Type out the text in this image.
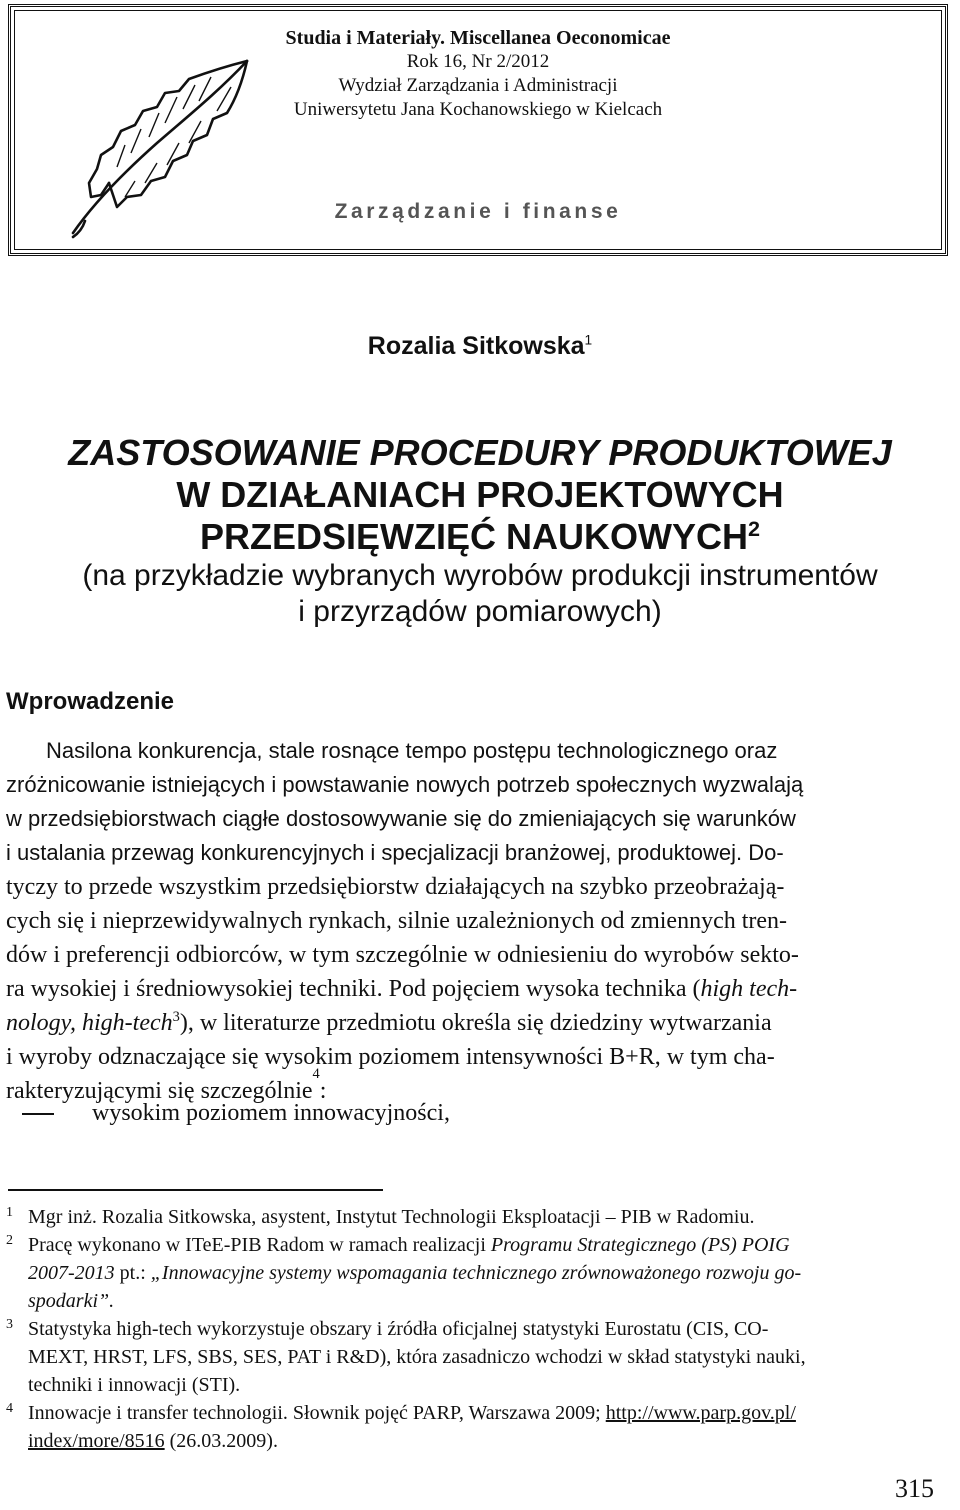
Studia i Materiały. Miscellanea Oeconomicae
Rok 16, Nr 2/2012
Wydział Zarządzania i Administracji
Uniwersytetu Jana Kochanowskiego w Kielcach
Zarządzanie i finanse
Rozalia Sitkowska$^1$
ZASTOSOWANIE PROCEDURY PRODUKTOWEJ
W DZIAŁANIACH PROJEKTOWYCH
PRZEDSIĘWZIĘĆ NAUKOWYCH$^2$
(na przykładzie wybranych wyrobów produkcji instrumentów
i przyrządów pomiarowych)
Wprowadzenie
Nasilona konkurencja, stale rosnące tempo postępu technologicznego oraz
zróżnicowanie istniejących i powstawanie nowych potrzeb społecznych wyzwalają
w przedsiębiorstwach ciągłe dostosowywanie się do zmieniających się warunków
i ustalania przewag konkurencyjnych i specjalizacji branżowej, produktowej. Do-
tyczy to przede wszystkim przedsiębiorstw działających na szybko przeobrażają-
cych się i nieprzewidywalnych rynkach, silnie uzależnionych od zmiennych tren-
dów i preferencji odbiorców, w tym szczególnie w odniesieniu do wyrobów sekto-
ra wysokiej i średniowysokiej techniki. Pod pojęciem wysoka technika (high tech-
nology, high-tech$^3$), w literaturze przedmiotu określa się dziedziny wytwarzania
i wyroby odznaczające się wysokim poziomem intensywności B+R, w tym cha-
rakteryzującymi się szczególnie
4
:
wysokim poziomem innowacyjności,
1 Mgr inż. Rozalia Sitkowska, asystent, Instytut Technologii Eksploatacji – PIB w Radomiu.
2 Pracę wykonano w ITeE-PIB Radom w ramach realizacji Programu Strategicznego (PS) POIG
2007-2013 pt.: „Innowacyjne systemy wspomagania technicznego zrównoważonego rozwoju go-
spodarki”.
3 Statystyka high-tech wykorzystuje obszary i źródła oficjalnej statystyki Eurostatu (CIS, CO-
MEXT, HRST, LFS, SBS, SES, PAT i R&D), która zasadniczo wchodzi w skład statystyki nauki,
techniki i innowacji (STI).
4 Innowacje i transfer technologii. Słownik pojęć PARP, Warszawa 2009; http://www.parp.gov.pl/
index/more/8516 (26.03.2009).
315
